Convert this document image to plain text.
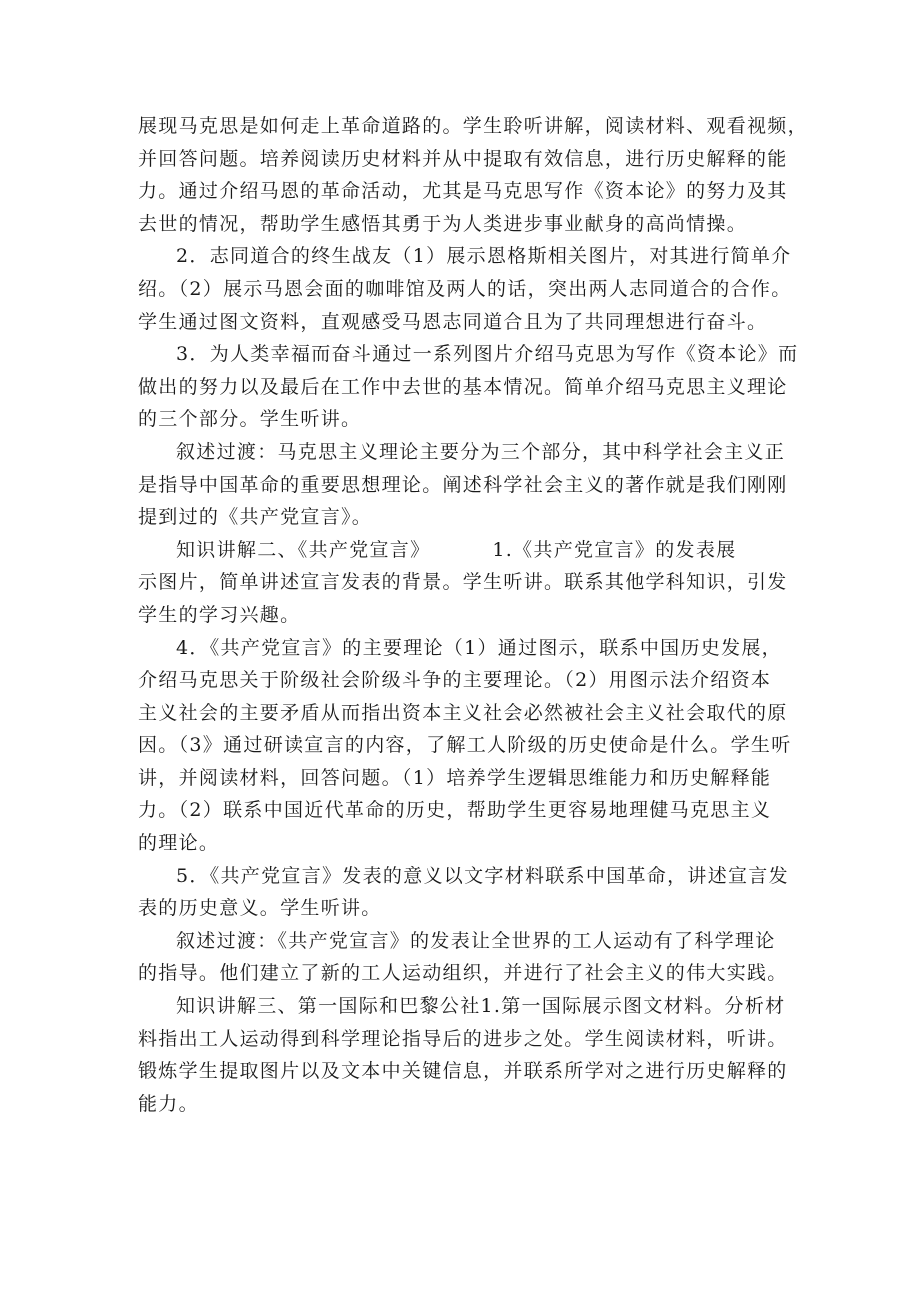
展现马克思是如何走上革命道路的。学生聆听讲解，阅读材料、观看视频，
并回答问题。培养阅读历史材料并从中提取有效信息，进行历史解释的能
力。通过介绍马恩的革命活动，尤其是马克思写作《资本论》的努力及其
去世的情况，帮助学生感悟其勇于为人类进步事业献身的高尚情操。
2．志同道合的终生战友（1）展示恩格斯相关图片，对其进行简单介
绍。（2）展示马恩会面的咖啡馆及两人的话，突出两人志同道合的合作。
学生通过图文资料，直观感受马恩志同道合且为了共同理想进行奋斗。
3．为人类幸福而奋斗通过一系列图片介绍马克思为写作《资本论》而
做出的努力以及最后在工作中去世的基本情况。简单介绍马克思主义理论
的三个部分。学生听讲。
叙述过渡：马克思主义理论主要分为三个部分，其中科学社会主义正
是指导中国革命的重要思想理论。阐述科学社会主义的著作就是我们刚刚
提到过的《共产党宣言》。
知识讲解二、《共产党宣言》	1.《共产党宣言》的发表展
示图片，简单讲述宣言发表的背景。学生听讲。联系其他学科知识，引发
学生的学习兴趣。
4．《共产党宣言》的主要理论（1）通过图示，联系中国历史发展，
介绍马克思关于阶级社会阶级斗争的主要理论。（2）用图示法介绍资本
主义社会的主要矛盾从而指出资本主义社会必然被社会主义社会取代的原
因。（3》通过研读宣言的内容，了解工人阶级的历史使命是什么。学生听
讲，并阅读材料，回答问题。（1）培养学生逻辑思维能力和历史解释能
力。（2）联系中国近代革命的历史，帮助学生更容易地理健马克思主义
的理论。
5．《共产党宣言》发表的意义以文字材料联系中国革命，讲述宣言发
表的历史意义。学生听讲。
叙述过渡：《共产党宣言》的发表让全世界的工人运动有了科学理论
的指导。他们建立了新的工人运动组织，并进行了社会主义的伟大实践。
知识讲解三、第一国际和巴黎公社1.第一国际展示图文材料。分析材
料指出工人运动得到科学理论指导后的进步之处。学生阅读材料，听讲。
锻炼学生提取图片以及文本中关键信息，并联系所学对之进行历史解释的
能力。
